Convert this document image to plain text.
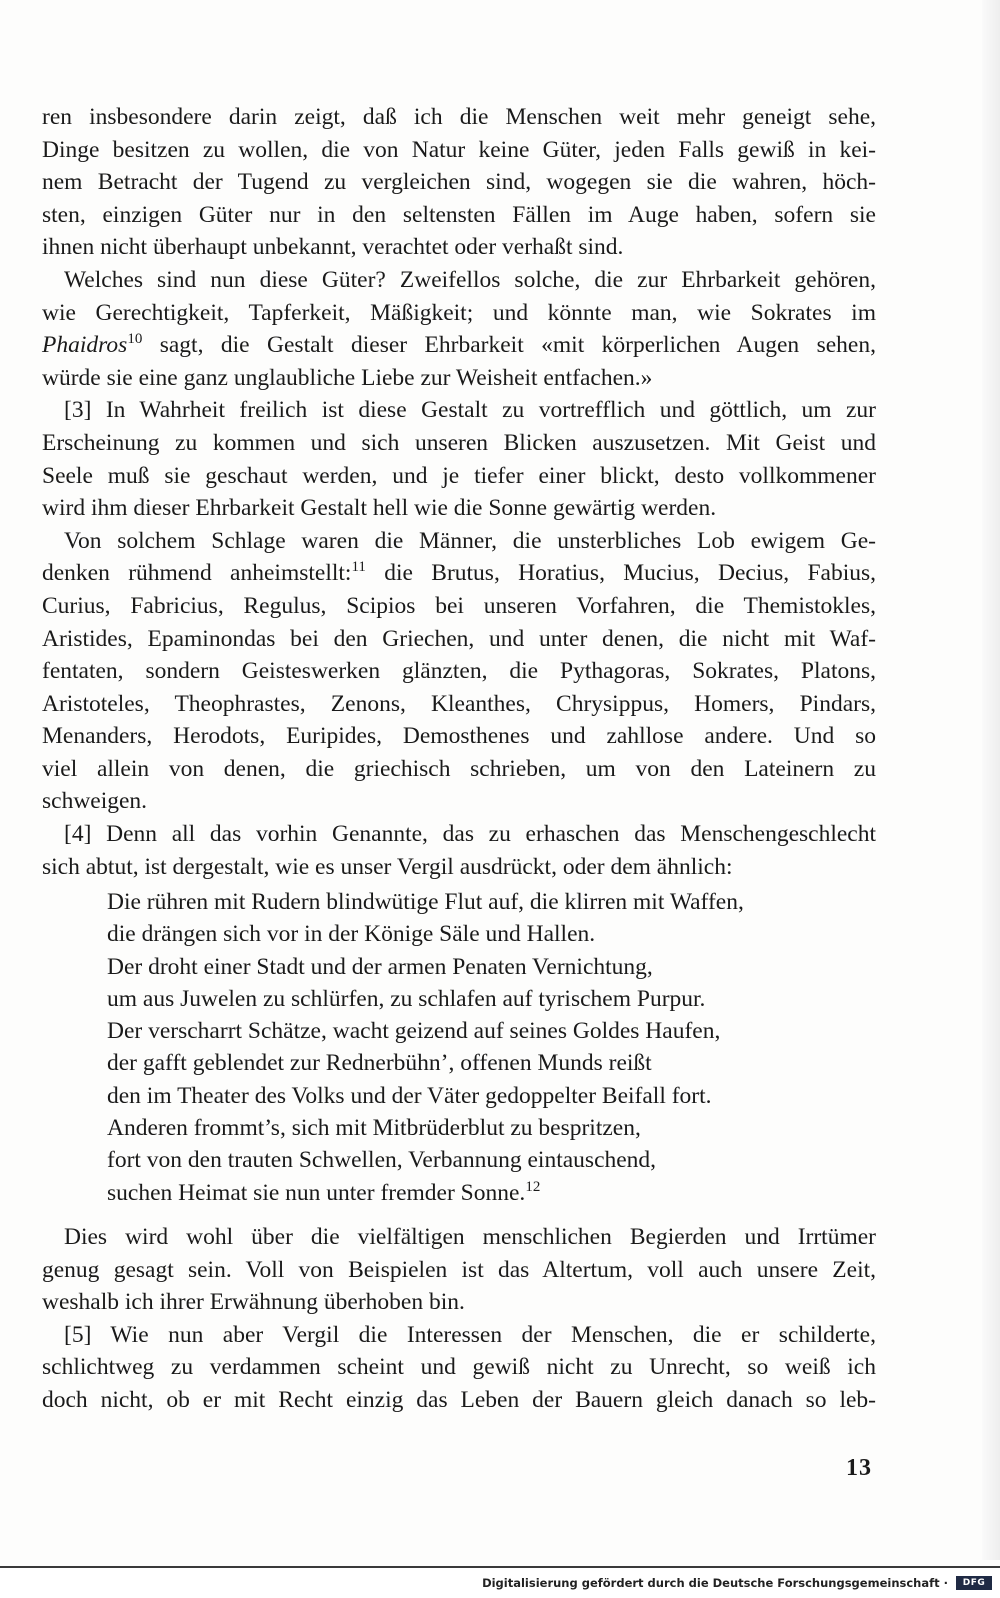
ren insbesondere darin zeigt, daß ich die Menschen weit mehr geneigt sehe,
Dinge besitzen zu wollen, die von Natur keine Güter, jeden Falls gewiß in kei-
nem Betracht der Tugend zu vergleichen sind, wogegen sie die wahren, höch-
sten, einzigen Güter nur in den seltensten Fällen im Auge haben, sofern sie
ihnen nicht überhaupt unbekannt, verachtet oder verhaßt sind.
Welches sind nun diese Güter? Zweifellos solche, die zur Ehrbarkeit gehören,
wie Gerechtigkeit, Tapferkeit, Mäßigkeit; und könnte man, wie Sokrates im
Phaidros$^{10}$ sagt, die Gestalt dieser Ehrbarkeit «mit körperlichen Augen sehen,
würde sie eine ganz unglaubliche Liebe zur Weisheit entfachen.»
[3] In Wahrheit freilich ist diese Gestalt zu vortrefflich und göttlich, um zur
Erscheinung zu kommen und sich unseren Blicken auszusetzen. Mit Geist und
Seele muß sie geschaut werden, und je tiefer einer blickt, desto vollkommener
wird ihm dieser Ehrbarkeit Gestalt hell wie die Sonne gewärtig werden.
Von solchem Schlage waren die Männer, die unsterbliches Lob ewigem Ge-
denken rühmend anheimstellt:$^{11}$ die Brutus, Horatius, Mucius, Decius, Fabius,
Curius, Fabricius, Regulus, Scipios bei unseren Vorfahren, die Themistokles,
Aristides, Epaminondas bei den Griechen, und unter denen, die nicht mit Waf-
fentaten, sondern Geisteswerken glänzten, die Pythagoras, Sokrates, Platons,
Aristoteles, Theophrastes, Zenons, Kleanthes, Chrysippus, Homers, Pindars,
Menanders, Herodots, Euripides, Demosthenes und zahllose andere. Und so
viel allein von denen, die griechisch schrieben, um von den Lateinern zu
schweigen.
[4] Denn all das vorhin Genannte, das zu erhaschen das Menschengeschlecht
sich abtut, ist dergestalt, wie es unser Vergil ausdrückt, oder dem ähnlich:
Die rühren mit Rudern blindwütige Flut auf, die klirren mit Waffen,
die drängen sich vor in der Könige Säle und Hallen.
Der droht einer Stadt und der armen Penaten Vernichtung,
um aus Juwelen zu schlürfen, zu schlafen auf tyrischem Purpur.
Der verscharrt Schätze, wacht geizend auf seines Goldes Haufen,
der gafft geblendet zur Rednerbühn’, offenen Munds reißt
den im Theater des Volks und der Väter gedoppelter Beifall fort.
Anderen frommt’s, sich mit Mitbrüderblut zu bespritzen,
fort von den trauten Schwellen, Verbannung eintauschend,
suchen Heimat sie nun unter fremder Sonne.$^{12}$
Dies wird wohl über die vielfältigen menschlichen Begierden und Irrtümer
genug gesagt sein. Voll von Beispielen ist das Altertum, voll auch unsere Zeit,
weshalb ich ihrer Erwähnung überhoben bin.
[5] Wie nun aber Vergil die Interessen der Menschen, die er schilderte,
schlichtweg zu verdammen scheint und gewiß nicht zu Unrecht, so weiß ich
doch nicht, ob er mit Recht einzig das Leben der Bauern gleich danach so leb-
13
Digitalisierung gefördert durch die Deutsche Forschungsgemeinschaft ·	DFG
